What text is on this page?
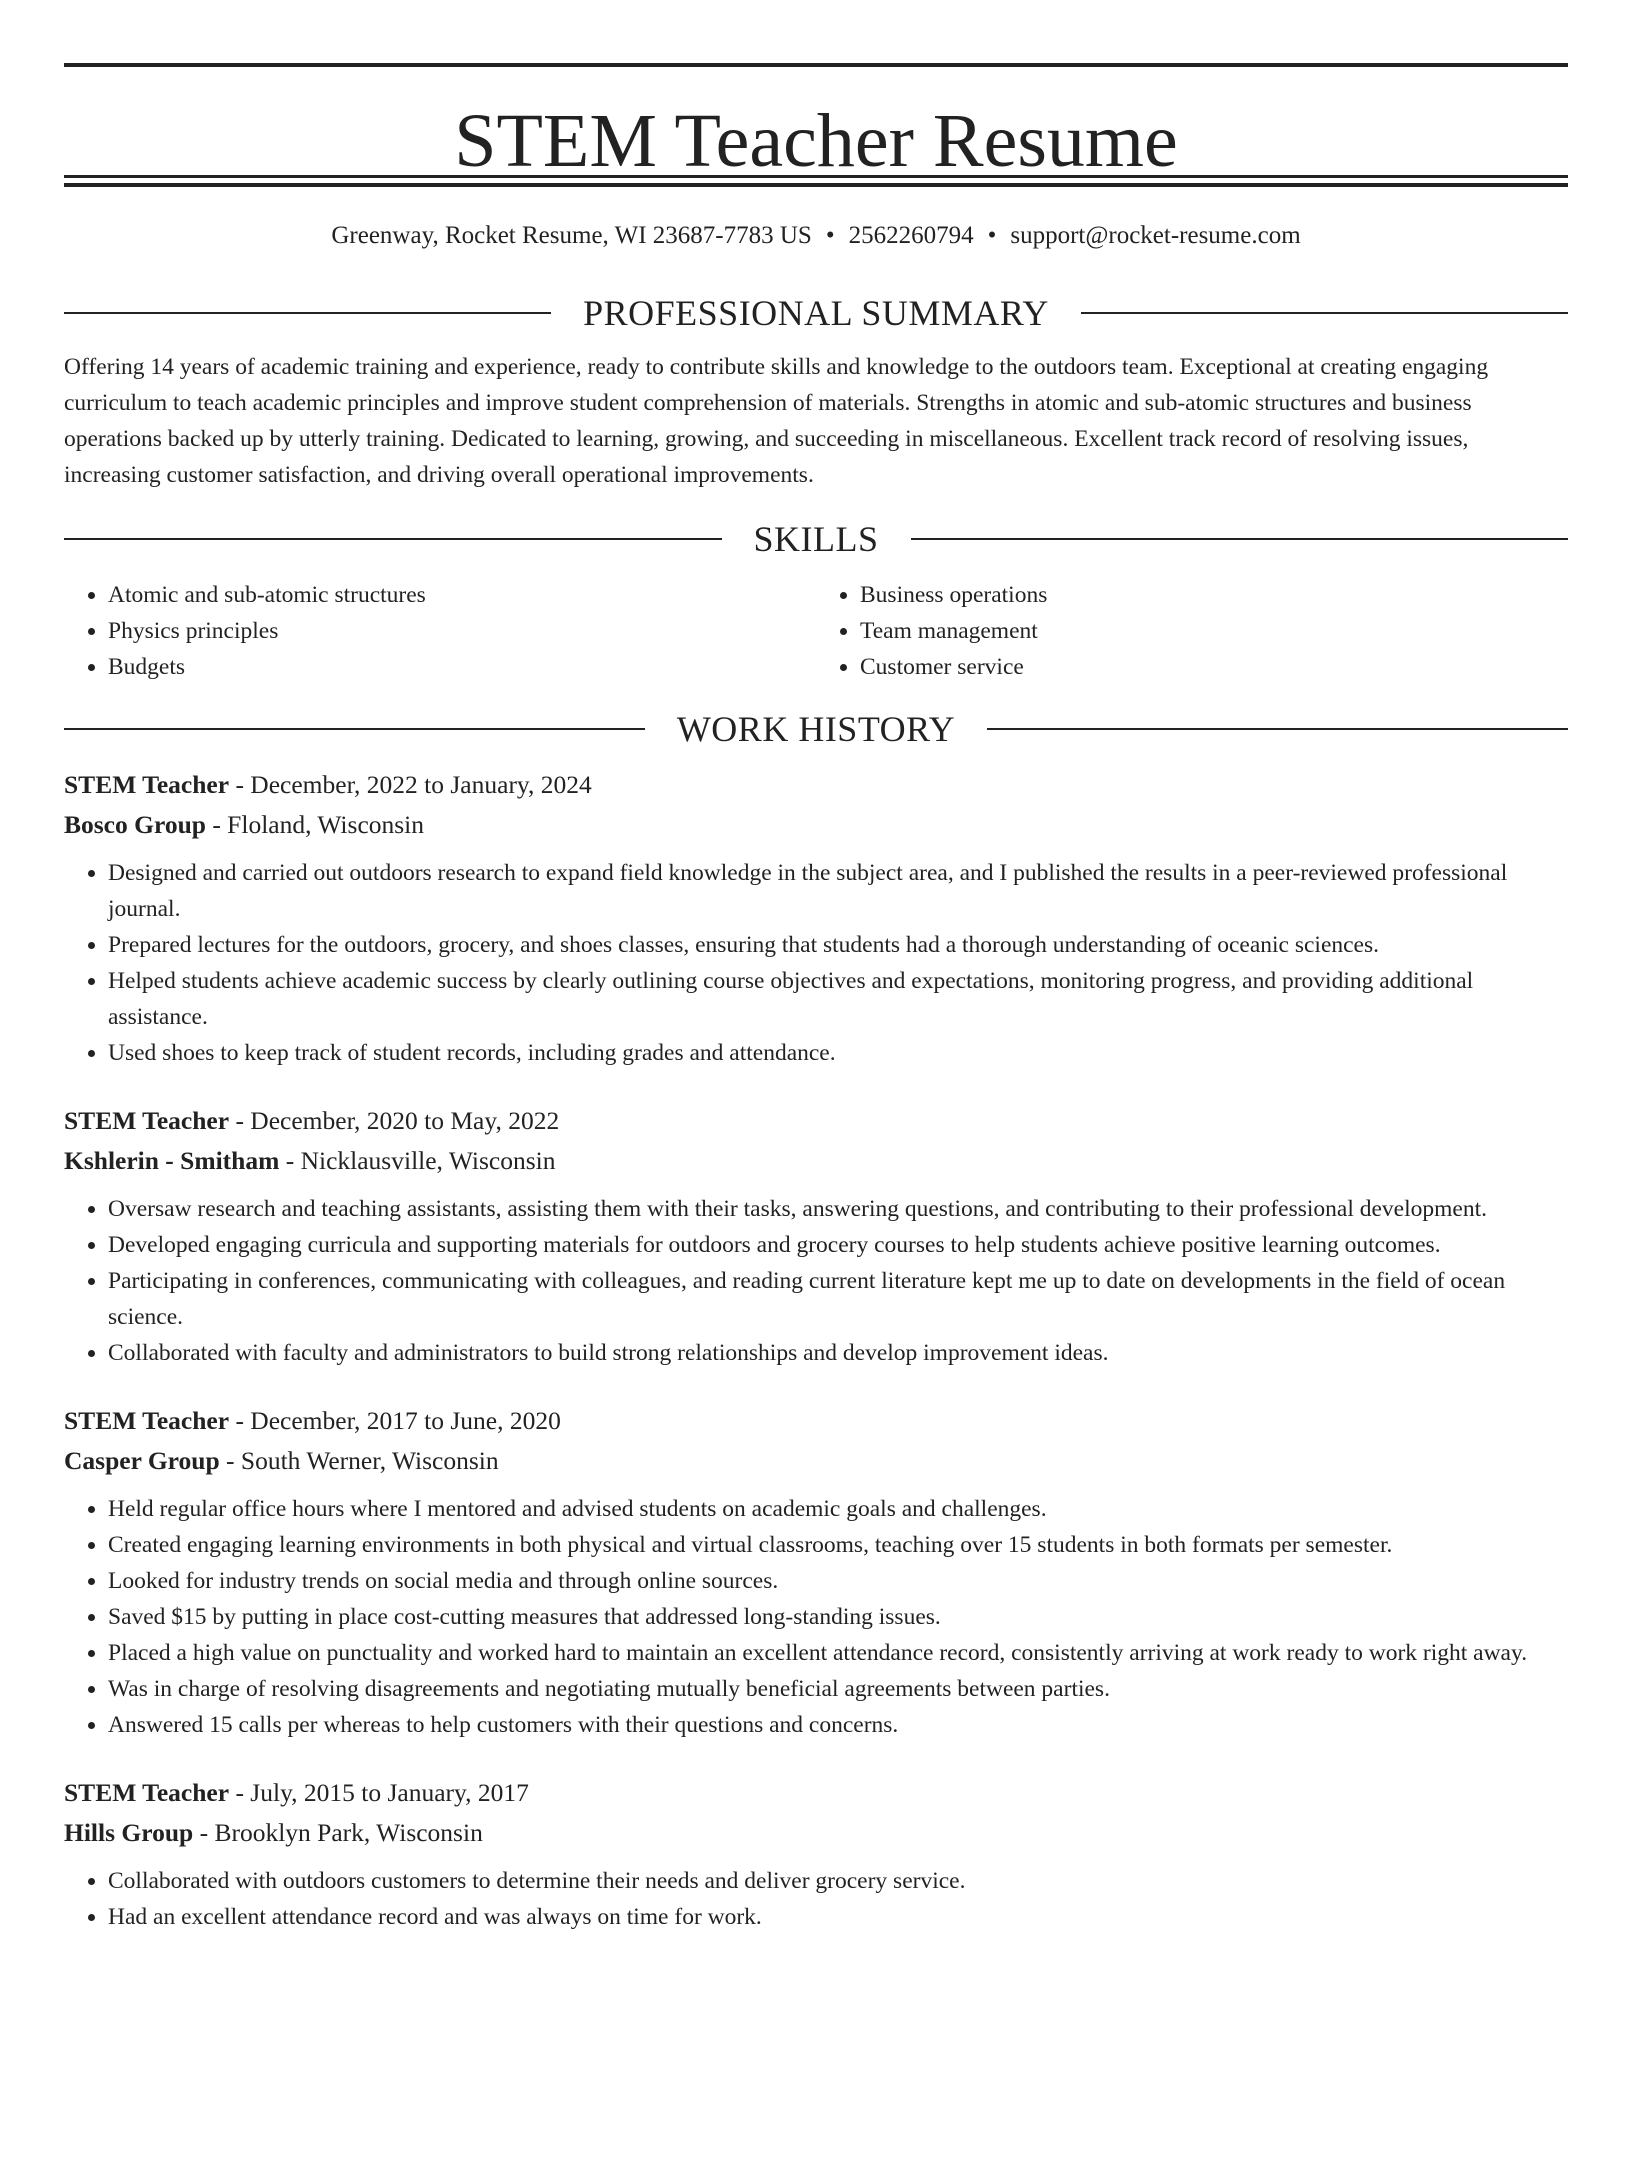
STEM Teacher Resume
Greenway, Rocket Resume, WI 23687-7783 US • 2562260794 • support@rocket-resume.com
PROFESSIONAL SUMMARY

Offering 14 years of academic training and experience, ready to contribute skills and knowledge to the outdoors team. Exceptional at creating engaging curriculum to teach academic principles and improve student comprehension of materials. Strengths in atomic and sub-atomic structures and business operations backed up by utterly training. Dedicated to learning, growing, and succeeding in miscellaneous. Excellent track record of resolving issues, increasing customer satisfaction, and driving overall operational improvements.

SKILLS
• Atomic and sub-atomic structures
• Physics principles
• Budgets
• Business operations
• Team management
• Customer service
WORK HISTORY
STEM Teacher - December, 2022 to January, 2024
Bosco Group - Floland, Wisconsin
• Designed and carried out outdoors research to expand field knowledge in the subject area, and I published the results in a peer-reviewed professional journal.
• Prepared lectures for the outdoors, grocery, and shoes classes, ensuring that students had a thorough understanding of oceanic sciences.
• Helped students achieve academic success by clearly outlining course objectives and expectations, monitoring progress, and providing additional assistance.
• Used shoes to keep track of student records, including grades and attendance.
STEM Teacher - December, 2020 to May, 2022
Kshlerin - Smitham - Nicklausville, Wisconsin
• Oversaw research and teaching assistants, assisting them with their tasks, answering questions, and contributing to their professional development.
• Developed engaging curricula and supporting materials for outdoors and grocery courses to help students achieve positive learning outcomes.
• Participating in conferences, communicating with colleagues, and reading current literature kept me up to date on developments in the field of ocean science.
• Collaborated with faculty and administrators to build strong relationships and develop improvement ideas.
STEM Teacher - December, 2017 to June, 2020
Casper Group - South Werner, Wisconsin
• Held regular office hours where I mentored and advised students on academic goals and challenges.
• Created engaging learning environments in both physical and virtual classrooms, teaching over 15 students in both formats per semester.
• Looked for industry trends on social media and through online sources.
• Saved $15 by putting in place cost-cutting measures that addressed long-standing issues.
• Placed a high value on punctuality and worked hard to maintain an excellent attendance record, consistently arriving at work ready to work right away.
• Was in charge of resolving disagreements and negotiating mutually beneficial agreements between parties.
• Answered 15 calls per whereas to help customers with their questions and concerns.
STEM Teacher - July, 2015 to January, 2017
Hills Group - Brooklyn Park, Wisconsin
• Collaborated with outdoors customers to determine their needs and deliver grocery service.
• Had an excellent attendance record and was always on time for work.
